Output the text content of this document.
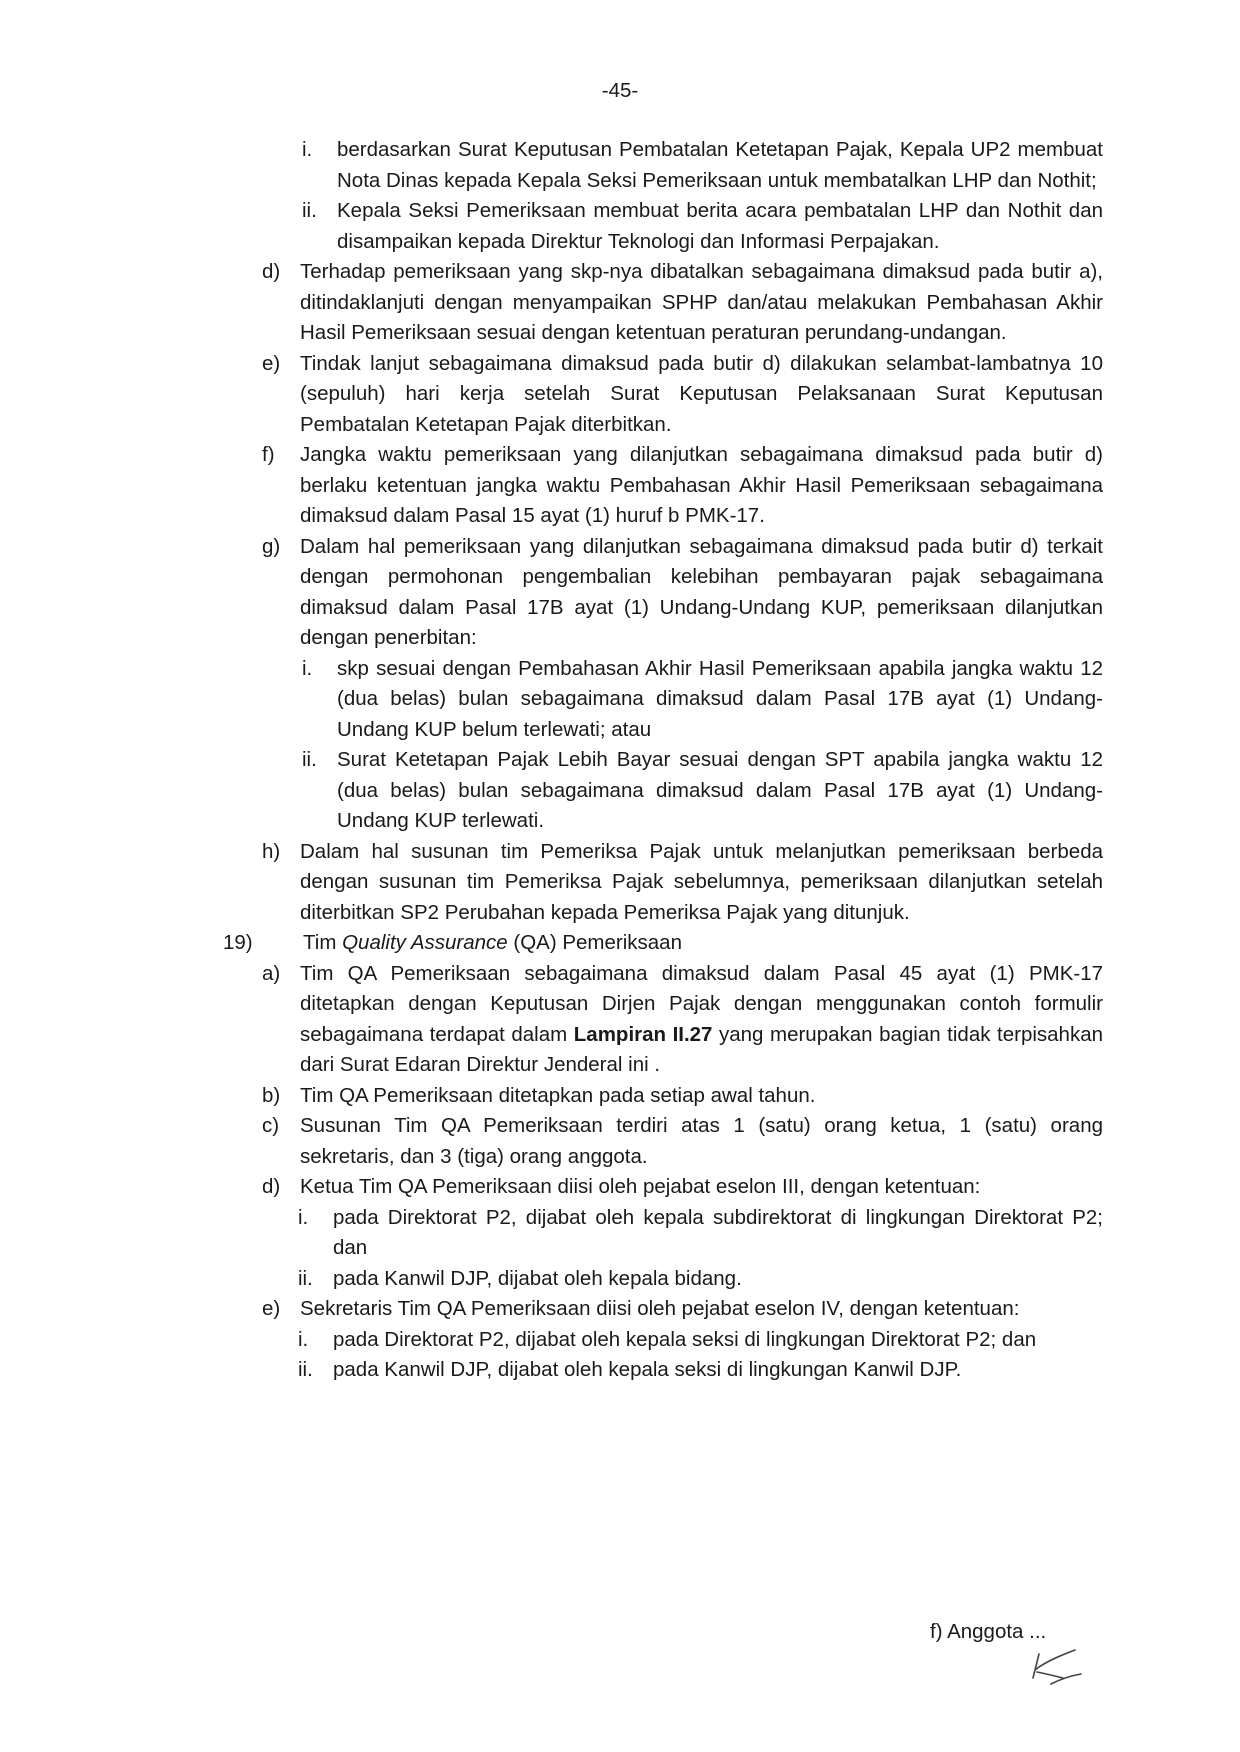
-45-
i. berdasarkan Surat Keputusan Pembatalan Ketetapan Pajak, Kepala UP2 membuat Nota Dinas kepada Kepala Seksi Pemeriksaan untuk membatalkan LHP dan Nothit;
ii. Kepala Seksi Pemeriksaan membuat berita acara pembatalan LHP dan Nothit dan disampaikan kepada Direktur Teknologi dan Informasi Perpajakan.
d) Terhadap pemeriksaan yang skp-nya dibatalkan sebagaimana dimaksud pada butir a), ditindaklanjuti dengan menyampaikan SPHP dan/atau melakukan Pembahasan Akhir Hasil Pemeriksaan sesuai dengan ketentuan peraturan perundang-undangan.
e) Tindak lanjut sebagaimana dimaksud pada butir d) dilakukan selambat-lambatnya 10 (sepuluh) hari kerja setelah Surat Keputusan Pelaksanaan Surat Keputusan Pembatalan Ketetapan Pajak diterbitkan.
f) Jangka waktu pemeriksaan yang dilanjutkan sebagaimana dimaksud pada butir d) berlaku ketentuan jangka waktu Pembahasan Akhir Hasil Pemeriksaan sebagaimana dimaksud dalam Pasal 15 ayat (1) huruf b PMK-17.
g) Dalam hal pemeriksaan yang dilanjutkan sebagaimana dimaksud pada butir d) terkait dengan permohonan pengembalian kelebihan pembayaran pajak sebagaimana dimaksud dalam Pasal 17B ayat (1) Undang-Undang KUP, pemeriksaan dilanjutkan dengan penerbitan:
i. skp sesuai dengan Pembahasan Akhir Hasil Pemeriksaan apabila jangka waktu 12 (dua belas) bulan sebagaimana dimaksud dalam Pasal 17B ayat (1) Undang-Undang KUP belum terlewati; atau
ii. Surat Ketetapan Pajak Lebih Bayar sesuai dengan SPT apabila jangka waktu 12 (dua belas) bulan sebagaimana dimaksud dalam Pasal 17B ayat (1) Undang-Undang KUP terlewati.
h) Dalam hal susunan tim Pemeriksa Pajak untuk melanjutkan pemeriksaan berbeda dengan susunan tim Pemeriksa Pajak sebelumnya, pemeriksaan dilanjutkan setelah diterbitkan SP2 Perubahan kepada Pemeriksa Pajak yang ditunjuk.
19) Tim Quality Assurance (QA) Pemeriksaan
a) Tim QA Pemeriksaan sebagaimana dimaksud dalam Pasal 45 ayat (1) PMK-17 ditetapkan dengan Keputusan Dirjen Pajak dengan menggunakan contoh formulir sebagaimana terdapat dalam Lampiran II.27 yang merupakan bagian tidak terpisahkan dari Surat Edaran Direktur Jenderal ini .
b) Tim QA Pemeriksaan ditetapkan pada setiap awal tahun.
c) Susunan Tim QA Pemeriksaan terdiri atas 1 (satu) orang ketua, 1 (satu) orang sekretaris, dan 3 (tiga) orang anggota.
d) Ketua Tim QA Pemeriksaan diisi oleh pejabat eselon III, dengan ketentuan:
i. pada Direktorat P2, dijabat oleh kepala subdirektorat di lingkungan Direktorat P2; dan
ii. pada Kanwil DJP, dijabat oleh kepala bidang.
e) Sekretaris Tim QA Pemeriksaan diisi oleh pejabat eselon IV, dengan ketentuan:
i. pada Direktorat P2, dijabat oleh kepala seksi di lingkungan Direktorat P2; dan
ii. pada Kanwil DJP, dijabat oleh kepala seksi di lingkungan Kanwil DJP.
f) Anggota ...
